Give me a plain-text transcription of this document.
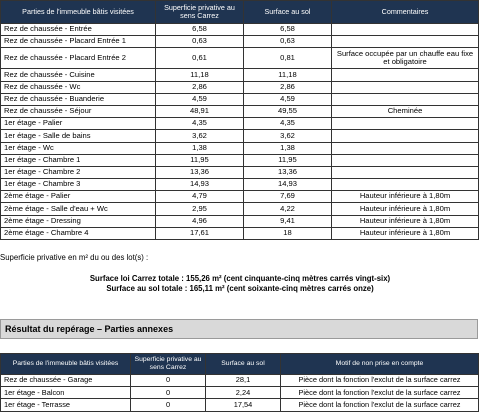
Parties de l'immeuble bâtis visitées	Superficie privative au sens Carrez	Surface au sol	Commentaires
Rez de chaussée - Entrée	6,58	6,58	
Rez de chaussée - Placard Entrée 1	0,63	0,63	
Rez de chaussée - Placard Entrée 2	0,61	0,81	Surface occupée par un chauffe eau fixe et obligatoire
Rez de chaussée - Cuisine	11,18	11,18	
Rez de chaussée - Wc	2,86	2,86	
Rez de chaussée - Buanderie	4,59	4,59	
Rez de chaussée - Séjour	48,91	49,55	Cheminée
1er étage - Palier	4,35	4,35	
1er étage - Salle de bains	3,62	3,62	
1er étage - Wc	1,38	1,38	
1er étage - Chambre 1	11,95	11,95	
1er étage - Chambre 2	13,36	13,36	
1er étage - Chambre 3	14,93	14,93	
2ème étage - Palier	4,79	7,69	Hauteur inférieure à 1,80m
2ème étage - Salle d'eau + Wc	2,95	4,22	Hauteur inférieure à 1,80m
2ème étage - Dressing	4,96	9,41	Hauteur inférieure à 1,80m
2ème étage - Chambre 4	17,61	18	Hauteur inférieure à 1,80m
Superficie privative en m² du ou des lot(s) :
Surface loi Carrez totale : 155,26 m² (cent cinquante-cinq mètres carrés vingt-six)
Surface au sol totale : 165,11 m² (cent soixante-cinq mètres carrés onze)
Résultat du repérage – Parties annexes
Parties de l'immeuble bâtis visitées	Superficie privative au sens Carrez	Surface au sol	Motif de non prise en compte
Rez de chaussée - Garage	0	28,1	Pièce dont la fonction l'exclut de la surface carrez
1er étage - Balcon	0	2,24	Pièce dont la fonction l'exclut de la surface carrez
1er étage - Terrasse	0	17,54	Pièce dont la fonction l'exclut de la surface carrez
